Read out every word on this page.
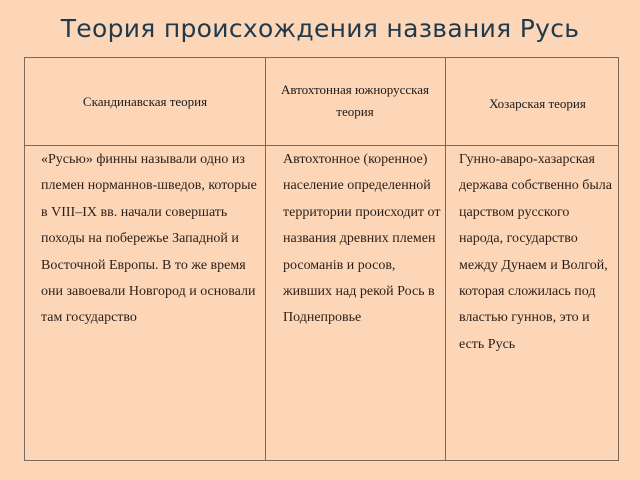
Теория происхождения названия Русь
Скандинавская теория
Автохтонная южнорусская теория
Хозарская теория
«Русью» финны называли одно из племен норманнов-шведов, которые в VIII–IX вв. начали совершать походы на побережье Западной и Восточной Европы. В то же время они завоевали Новгород и основали там государство
Автохтонное (коренное) население определенной территории происходит от названия древних племен росоманів и росов, живших над рекой Рось в Поднепровье
Гунно-аваро-хазарская держава собственно была царством русского народа, государство между Дунаем и Волгой, которая сложилась под властью гуннов, это и есть Русь
